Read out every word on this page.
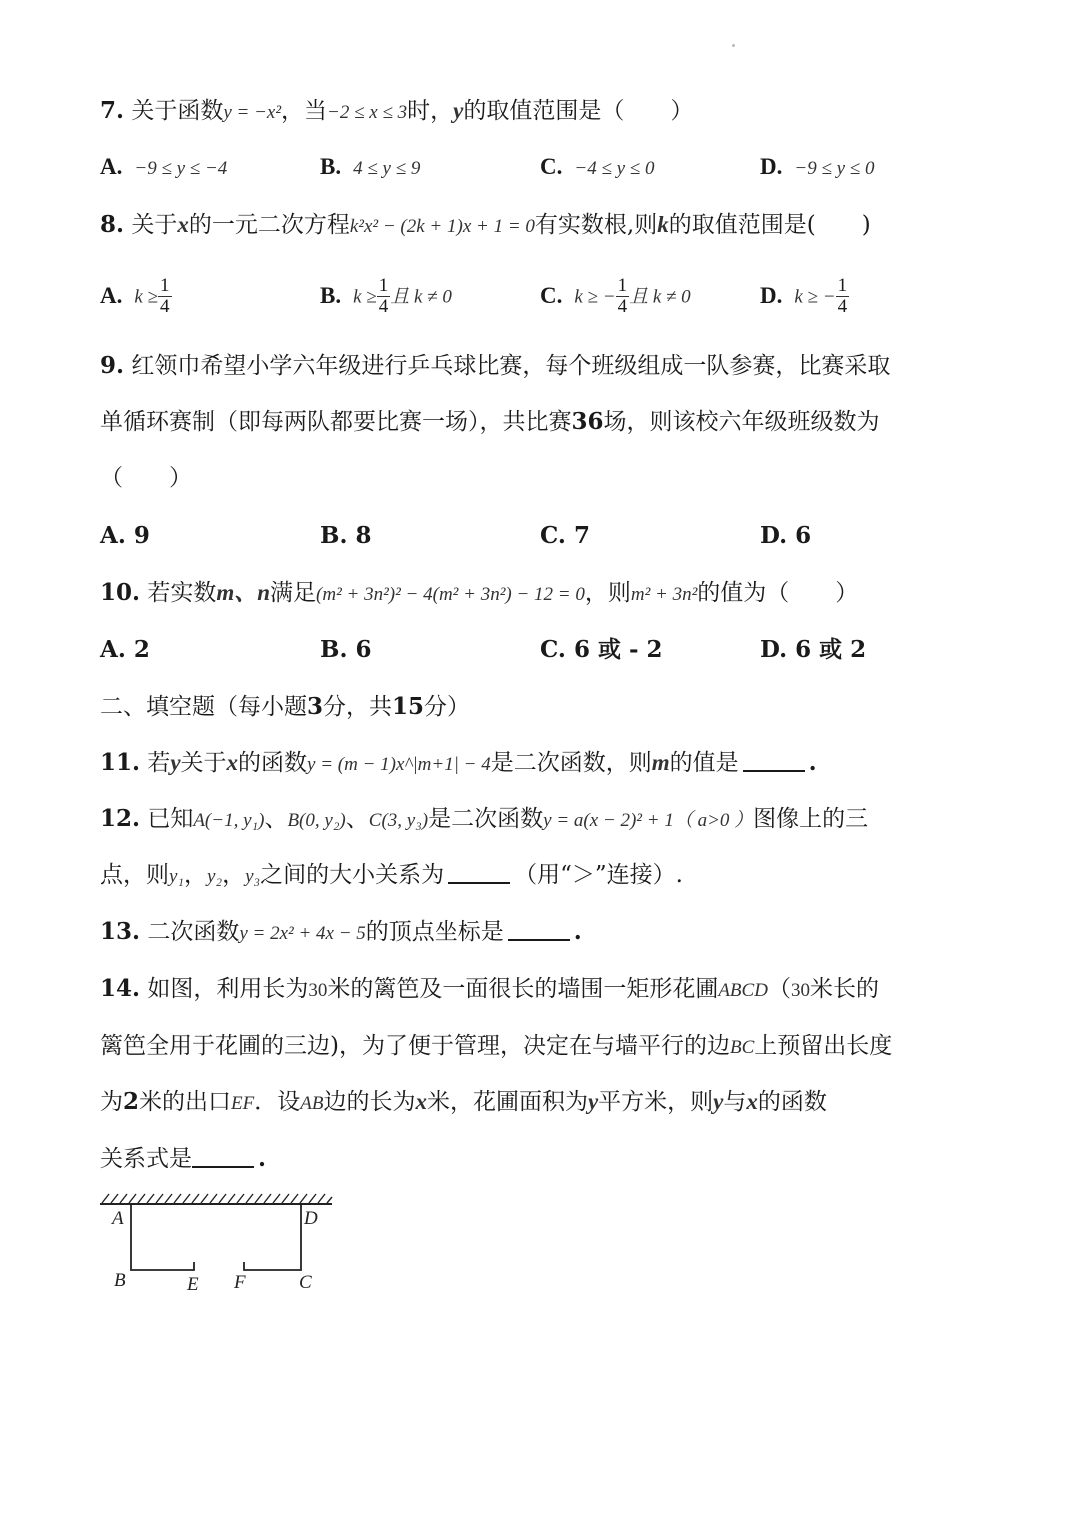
7. 关于函数y = −x²，当−2 ≤ x ≤ 3时，y的取值范围是（　　）
A. −9 ≤ y ≤ −4	B. 4 ≤ y ≤ 9	C. −4 ≤ y ≤ 0	D. −9 ≤ y ≤ 0
8. 关于x的一元二次方程k²x² − (2k + 1)x + 1 = 0有实数根,则k的取值范围是(　　)
A. $k \ge \frac{1}{4}$	B. $k \ge \frac{1}{4}$ 且 k ≠ 0	C. k ≥ − $\frac{1}{4}$ 且 k ≠ 0	D. k ≥ − $\frac{1}{4}$
9. 红领巾希望小学六年级进行乒乓球比赛，每个班级组成一队参赛，比赛采取
单循环赛制（即每两队都要比赛一场），共比赛36场，则该校六年级班级数为
（　　）
A. 9	B. 8	C. 7	D. 6
10. 若实数m、n满足(m² + 3n²)² − 4(m² + 3n²) − 12 = 0，则m² + 3n²的值为（　　）
A. 2	B. 6	C. 6 或 ‑ 2	D. 6 或 2
二、填空题（每小题3分，共15分）
11. 若y关于x的函数y = (m − 1)x^|m+1| − 4是二次函数，则m的值是	.
12. 已知A(−1, y₁)、B(0, y₂)、C(3, y₃)是二次函数y = a(x − 2)² + 1（ a>0 ）图像上的三
点，则y₁，y₂，y₃之间的大小关系为	（用“＞”连接）.
13. 二次函数y = 2x² + 4x − 5的顶点坐标是	.
14. 如图，利用长为30米的篱笆及一面很长的墙围一矩形花圃ABCD（30米长的
篱笆全用于花圃的三边)，为了便于管理，决定在与墙平行的边BC上预留出长度
为2米的出口EF．设AB边的长为x米，花圃面积为y平方米，则y与x的函数
关系式是	.
A	D
B	E F	C
